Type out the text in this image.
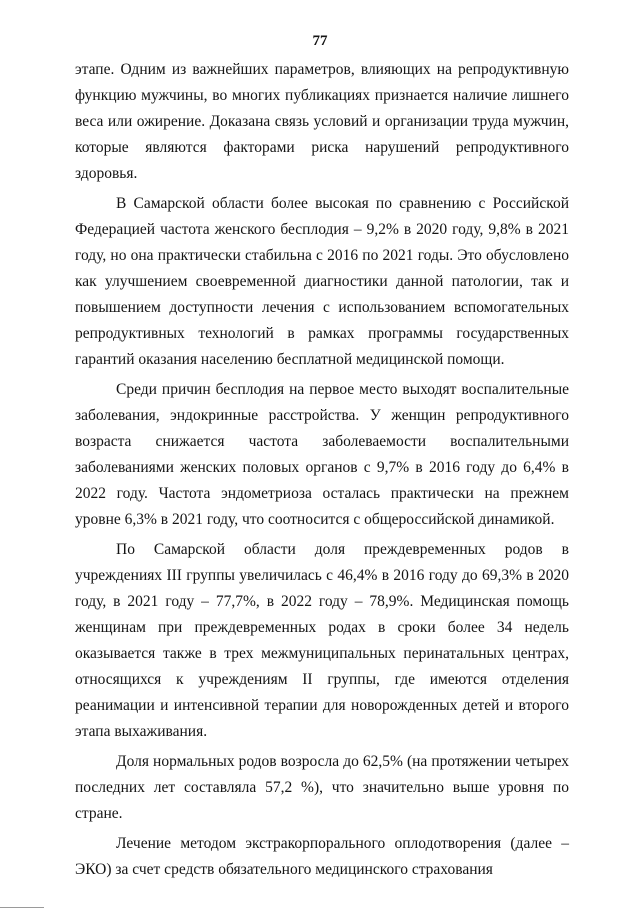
77

этапе. Одним из важнейших параметров, влияющих на репродуктивную функцию мужчины, во многих публикациях признается наличие лишнего веса или ожирение. Доказана связь условий и организации труда мужчин, которые являются факторами риска нарушений репродуктивного здоровья.

В Самарской области более высокая по сравнению с Российской Федерацией частота женского бесплодия – 9,2% в 2020 году, 9,8% в 2021 году, но она практически стабильна с 2016 по 2021 годы. Это обусловлено как улучшением своевременной диагностики данной патологии, так и повышением доступности лечения с использованием вспомогательных репродуктивных технологий в рамках программы государственных гарантий оказания населению бесплатной медицинской помощи.

Среди причин бесплодия на первое место выходят воспалительные заболевания, эндокринные расстройства. У женщин репродуктивного возраста снижается частота заболеваемости воспалительными заболеваниями женских половых органов с 9,7% в 2016 году до 6,4% в 2022 году. Частота эндометриоза осталась практически на прежнем уровне 6,3% в 2021 году, что соотносится с общероссийской динамикой.

По Самарской области доля преждевременных родов в учреждениях III группы увеличилась с 46,4% в 2016 году до 69,3% в 2020 году, в 2021 году – 77,7%, в 2022 году – 78,9%. Медицинская помощь женщинам при преждевременных родах в сроки более 34 недель оказывается также в трех межмуниципальных перинатальных центрах, относящихся к учреждениям II группы, где имеются отделения реанимации и интенсивной терапии для новорожденных детей и второго этапа выхаживания.

Доля нормальных родов возросла до 62,5% (на протяжении четырех последних лет составляла 57,2 %), что значительно выше уровня по стране.

Лечение методом экстракорпорального оплодотворения (далее – ЭКО) за счет средств обязательного медицинского страхования
